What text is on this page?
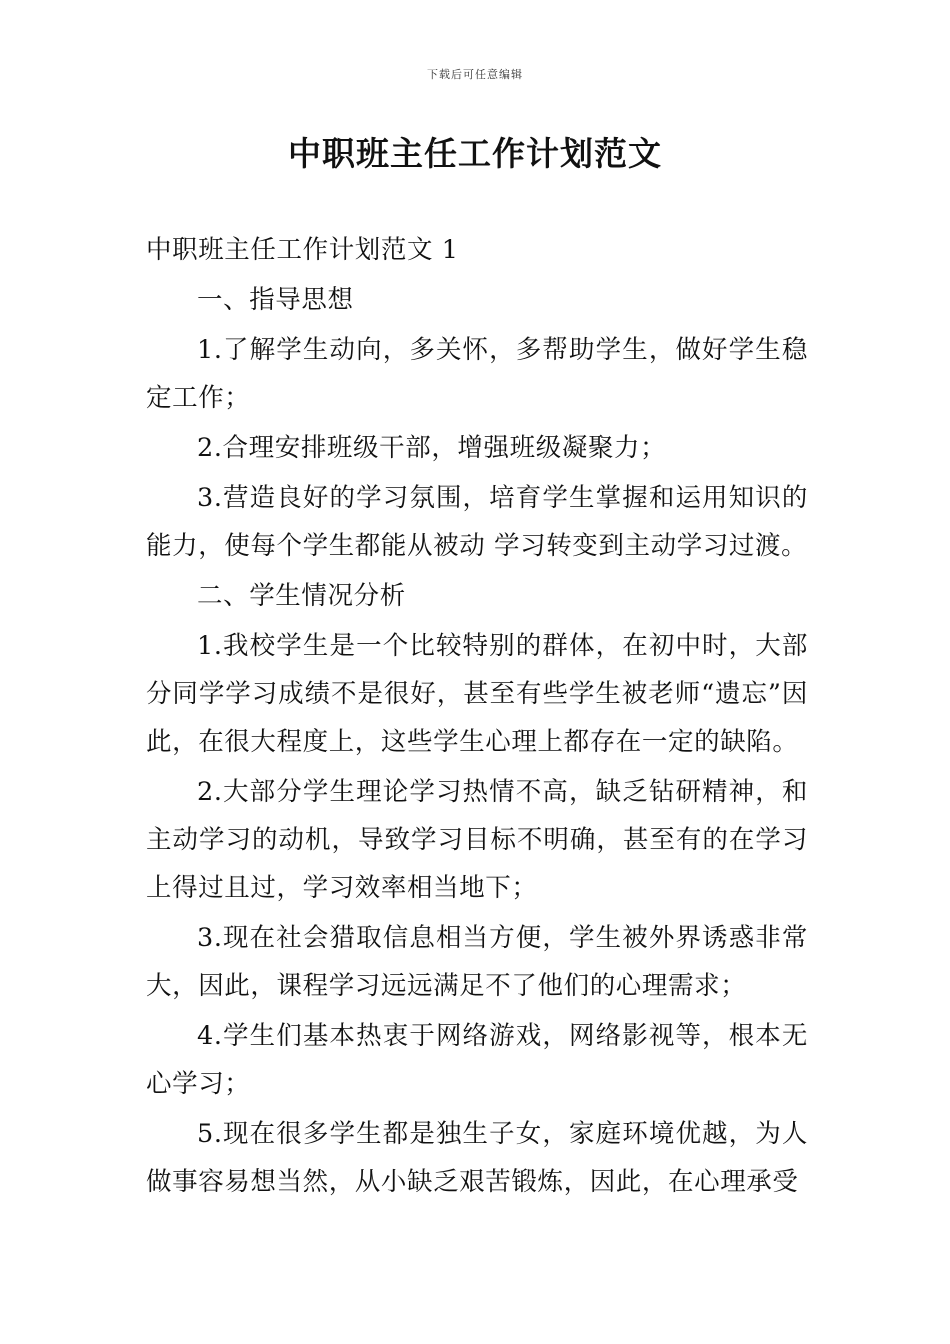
下载后可任意编辑
中职班主任工作计划范文

中职班主任工作计划范文 1

一、指导思想

1.了解学生动向，多关怀，多帮助学生，做好学生稳定工作；

2.合理安排班级干部，增强班级凝聚力；

3.营造良好的学习氛围，培育学生掌握和运用知识的能力，使每个学生都能从被动 学习转变到主动学习过渡。

二、学生情况分析

1.我校学生是一个比较特别的群体，在初中时，大部分同学学习成绩不是很好，甚至有些学生被老师“遗忘”因此，在很大程度上，这些学生心理上都存在一定的缺陷。

2.大部分学生理论学习热情不高，缺乏钻研精神，和主动学习的动机，导致学习目标不明确，甚至有的在学习上得过且过，学习效率相当地下；

3.现在社会猎取信息相当方便，学生被外界诱惑非常大，因此，课程学习远远满足不了他们的心理需求；

4.学生们基本热衷于网络游戏，网络影视等，根本无心学习；

5.现在很多学生都是独生子女，家庭环境优越，为人做事容易想当然，从小缺乏艰苦锻炼，因此，在心理承受
